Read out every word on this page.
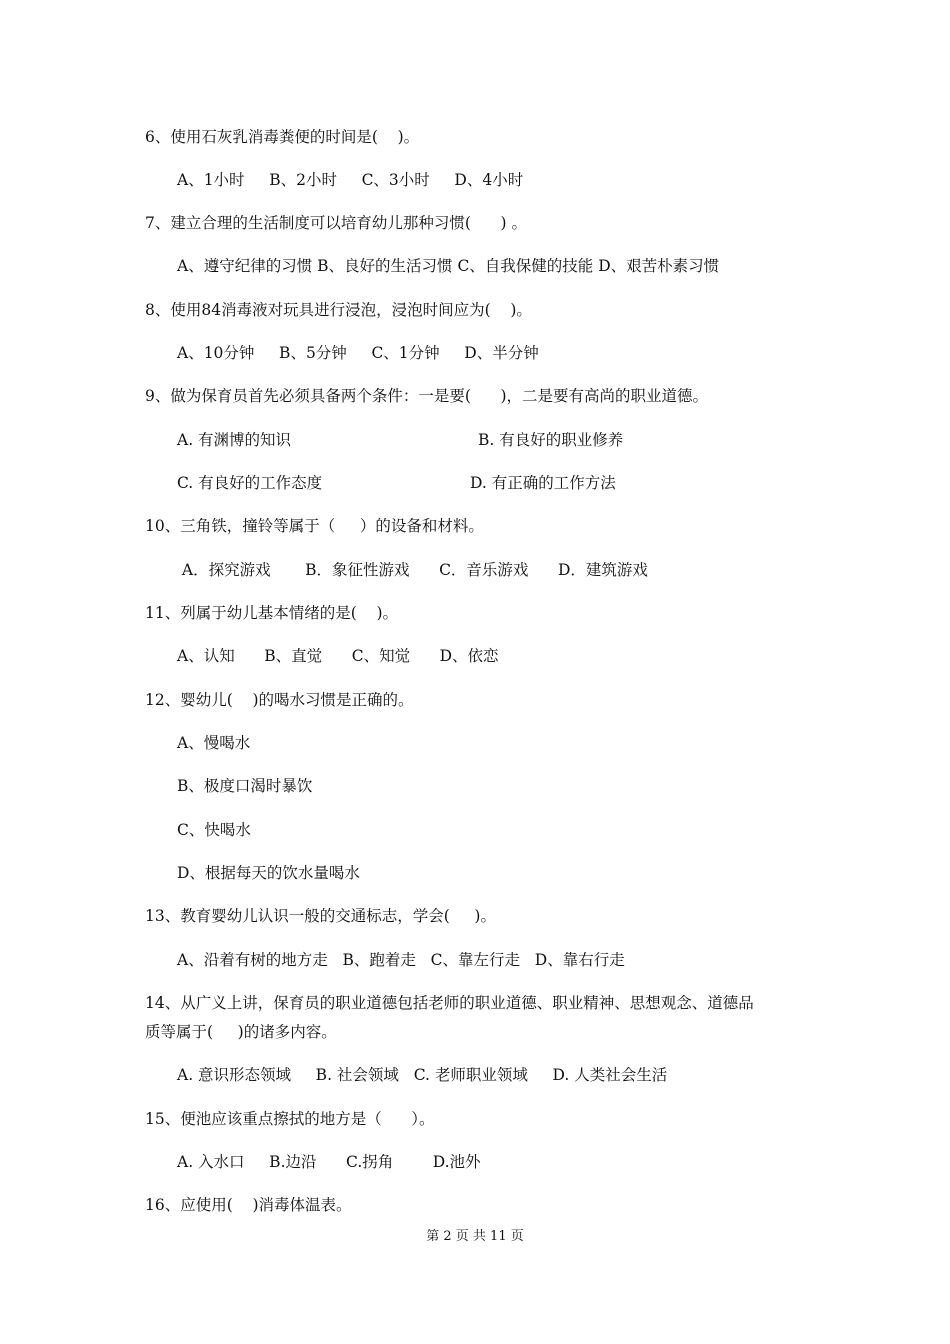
6、使用石灰乳消毒粪便的时间是(    )。
A、1小时     B、2小时     C、3小时     D、4小时
7、建立合理的生活制度可以培育幼儿那种习惯(      ) 。
A、遵守纪律的习惯 B、良好的生活习惯 C、自我保健的技能 D、艰苦朴素习惯
8、使用84消毒液对玩具进行浸泡，浸泡时间应为(    )。
A、10分钟     B、5分钟     C、1分钟     D、半分钟
9、做为保育员首先必须具备两个条件：一是要(      )，二是要有高尚的职业道德。
A. 有渊博的知识	B. 有良好的职业修养
C. 有良好的工作态度	D. 有正确的工作方法
10、三角铁，撞铃等属于（     ）的设备和材料。
A．探究游戏       B．象征性游戏      C．音乐游戏      D．建筑游戏
11、列属于幼儿基本情绪的是(    )。
A、认知      B、直觉      C、知觉      D、依恋
12、婴幼儿(    )的喝水习惯是正确的。
A、慢喝水
B、极度口渴时暴饮
C、快喝水
D、根据每天的饮水量喝水
13、教育婴幼儿认识一般的交通标志，学会(     )。
A、沿着有树的地方走   B、跑着走   C、靠左行走   D、靠右行走
14、从广义上讲，保育员的职业道德包括老师的职业道德、职业精神、思想观念、道德品
质等属于(     )的诸多内容。
A. 意识形态领域     B. 社会领域   C. 老师职业领域     D. 人类社会生活
15、便池应该重点擦拭的地方是（      ）。
A. 入水口     B.边沿      C.拐角        D.池外
16、应使用(    )消毒体温表。
第 2 页 共 11 页
